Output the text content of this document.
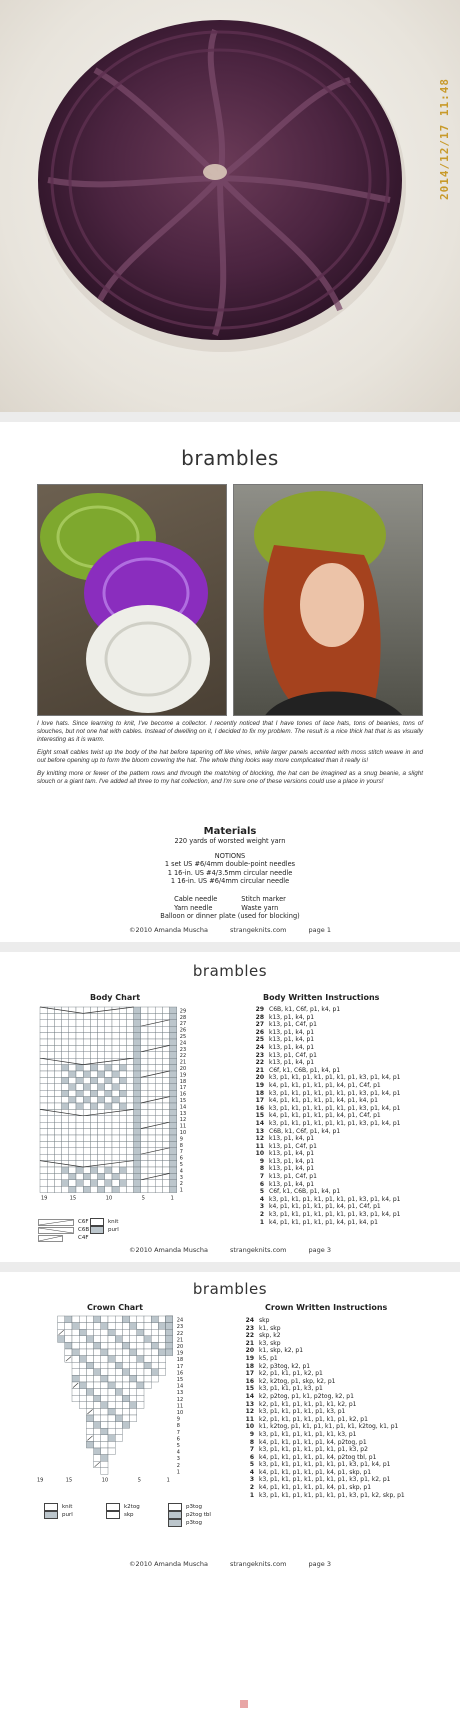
2014/12/17 11:48
brambles

I love hats. Since learning to knit, I've become a collector. I recently noticed that I have tones of lace hats, tons of beanies, tons of slouches, but not one hat with cables. Instead of dwelling on it, I decided to fix my problem. The result is a nice thick hat that is as visually interesting as it is warm.

Eight small cables twist up the body of the hat before tapering off like vines, while larger panels accented with moss stitch weave in and out before opening up to form the bloom covering the hat. The whole thing looks way more complicated than it really is!

By knitting more or fewer of the pattern rows and through the matching of blocking, the hat can be imagined as a snug beanie, a slight slouch or a giant tam. I've added all three to my hat collection, and I'm sure one of these versions could use a place in yours!

Materials
220 yards of worsted weight yarn
NOTIONS
1 set US #6/4mm double-point needles
1 16-in. US #4/3.5mm circular needle
1 16-in. US #6/4mm circular needle
Cable needle	Stitch marker
Yarn needle	Waste yarn
Balloon or dinner plate (used for blocking)
©2010 Amanda Muscha	strangeknits.com	page 1
brambles
Body Chart	Body Written Instructions
29
28
27
26
25
24
23
22
21
20
19
18
17
16
15
14
13
12
11
10
9
8
7
6
5
4
3
2
1
19	15	10	5	1
29 C6B, k1, C6f, p1, k4, p1
28 k13, p1, k4, p1
27 k13, p1, C4f, p1
26 k13, p1, k4, p1
25 k13, p1, k4, p1
24 k13, p1, k4, p1
23 k13, p1, C4f, p1
22 k13, p1, k4, p1
21 C6f, k1, C6B, p1, k4, p1
20 k3, p1, k1, p1, k1, p1, k1, p1, k3, p1, k4, p1
19 k4, p1, k1, p1, k1, p1, k4, p1, C4f, p1
18 k3, p1, k1, p1, k1, p1, k1, p1, k3, p1, k4, p1
17 k4, p1, k1, p1, k1, p1, k4, p1, k4, p1
16 k3, p1, k1, p1, k1, p1, k1, p1, k3, p1, k4, p1
15 k4, p1, k1, p1, k1, p1, k4, p1, C4f, p1
14 k3, p1, k1, p1, k1, p1, k1, p1, k3, p1, k4, p1
13 C6B, k1, C6f, p1, k4, p1
12 k13, p1, k4, p1
11 k13, p1, C4f, p1
10 k13, p1, k4, p1
9 k13, p1, k4, p1
8 k13, p1, k4, p1
7 k13, p1, C4f, p1
6 k13, p1, k4, p1
5 C6f, k1, C6B, p1, k4, p1
4 k3, p1, k1, p1, k1, p1, k1, p1, k3, p1, k4, p1
3 k4, p1, k1, p1, k1, p1, k4, p1, C4f, p1
2 k3, p1, k1, p1, k1, p1, k1, p1, k3, p1, k4, p1
1 k4, p1, k1, p1, k1, p1, k4, p1, k4, p1
knit
purl
C6F
C6B
C4F
©2010 Amanda Muscha	strangeknits.com	page 3
brambles
Crown Chart	Crown Written Instructions
24
23
22
21
20
19
18
17
16
15
14
13
12
11
10
9
8
7
6
5
4
3
2
1
19	15	10	5	1
24 skp
23 k1, skp
22 skp, k2
21 k3, skp
20 k1, skp, k2, p1
19 k5, p1
18 k2, p3tog, k2, p1
17 k2, p1, k1, p1, k2, p1
16 k2, k2tog, p1, skp, k2, p1
15 k3, p1, k1, p1, k3, p1
14 k2, p2tog, p1, k1, p2tog, k2, p1
13 k2, p1, k1, p1, k1, p1, k1, k2, p1
12 k3, p1, k1, p1, k1, p1, k3, p1
11 k2, p1, k1, p1, k1, p1, k1, p1, k2, p1
10 k1, k2tog, p1, k1, p1, k1, p1, k1, k2tog, k1, p1
9 k3, p1, k1, p1, k1, p1, k1, k3, p1
8 k4, p1, k1, p1, k1, p1, k4, p2tog, p1
7 k3, p1, k1, p1, k1, p1, k1, p1, k3, p2
6 k4, p1, k1, p1, k1, p1, k4, p2tog tbl, p1
5 k3, p1, k1, p1, k1, p1, k1, p1, k3, p1, k4, p1
4 k4, p1, k1, p1, k1, p1, k4, p1, skp, p1
3 k3, p1, k1, p1, k1, p1, k1, p1, k3, p1, k2, p1
2 k4, p1, k1, p1, k1, p1, k4, p1, skp, p1
1 k3, p1, k1, p1, k1, p1, k1, p1, k3, p1, k2, skp, p1
knit	k2tog	p3tog
purl	skp	p2tog tbl
p3tog
©2010 Amanda Muscha	strangeknits.com	page 3
